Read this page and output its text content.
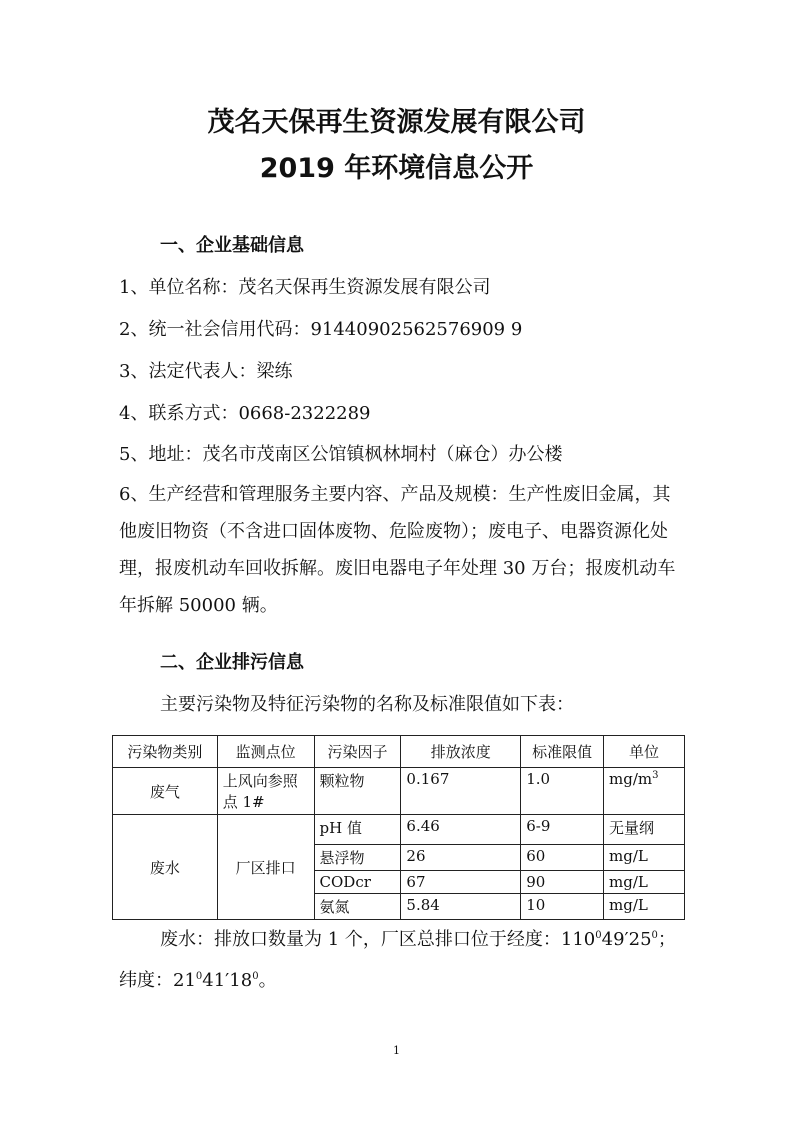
茂名天保再生资源发展有限公司
2019 年环境信息公开
一、企业基础信息
1、单位名称：茂名天保再生资源发展有限公司
2、统一社会信用代码：91440902562576909 9
3、法定代表人：梁练
4、联系方式：0668-2322289
5、地址：茂名市茂南区公馆镇枫林垌村（麻仓）办公楼
6、生产经营和管理服务主要内容、产品及规模：生产性废旧金属，其他废旧物资（不含进口固体废物、危险废物）；废电子、电器资源化处理，报废机动车回收拆解。废旧电器电子年处理 30 万台；报废机动车年拆解 50000 辆。
二、企业排污信息
主要污染物及特征污染物的名称及标准限值如下表：
污染物类别	监测点位	污染因子	排放浓度	标准限值	单位
废气	上风向参照点 1#	颗粒物	0.167	1.0	$mg/m^3$
废水	厂区排口	pH 值	6.46	6-9	无量纲
		悬浮物	26	60	mg/L
		CODcr	67	90	mg/L
		氨氮	5.84	10	mg/L
废水：排放口数量为 1 个，厂区总排口位于经度：$110^049'25^0$；
纬度：$21^041'18^0$。
1
